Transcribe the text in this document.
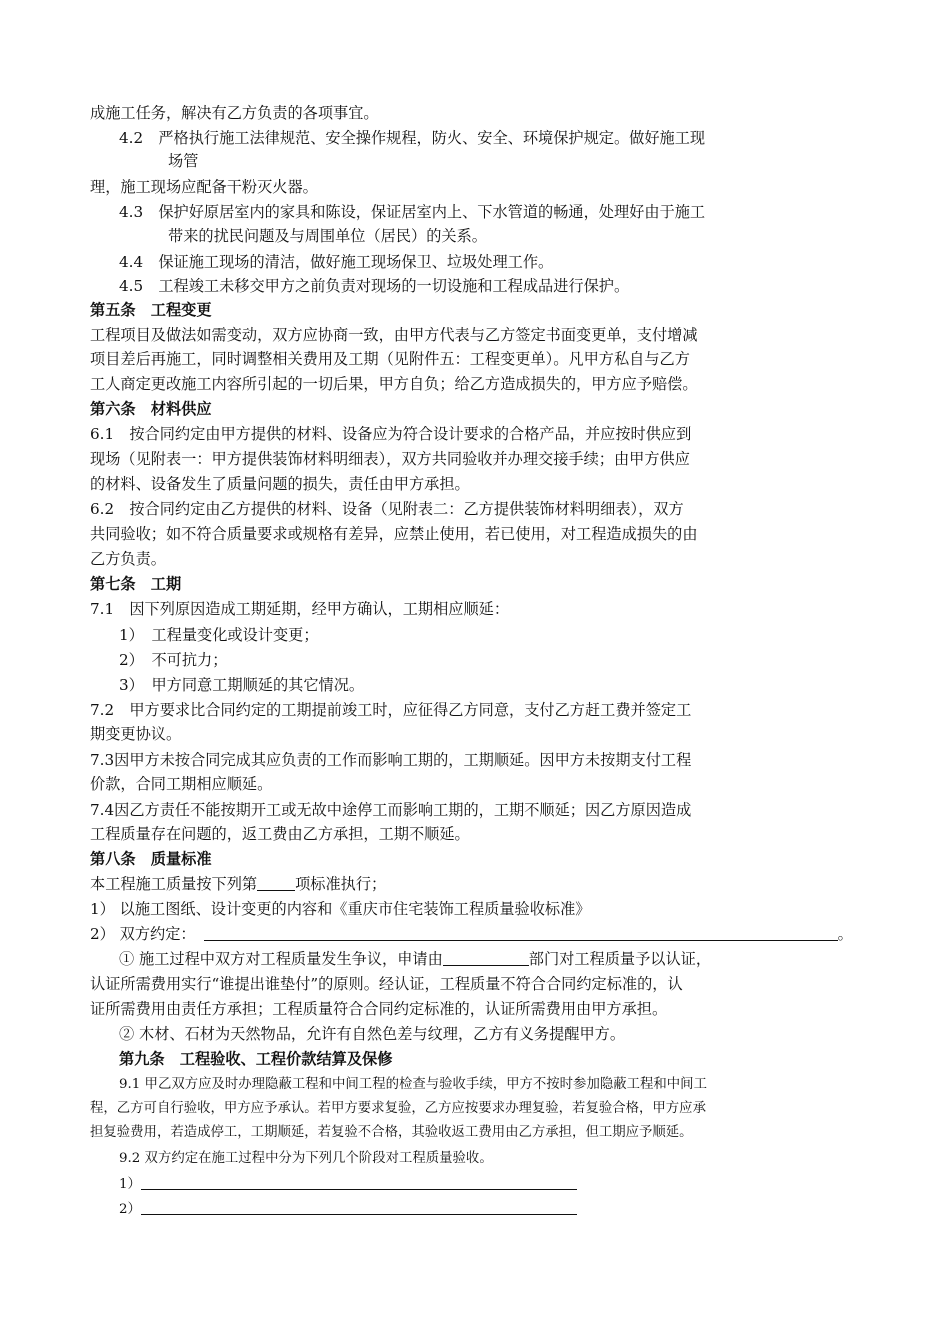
成施工任务，解决有乙方负责的各项事宜。
4.2　严格执行施工法律规范、安全操作规程，防火、安全、环境保护规定。做好施工现
场管
理，施工现场应配备干粉灭火器。
4.3　保护好原居室内的家具和陈设，保证居室内上、下水管道的畅通，处理好由于施工
带来的扰民问题及与周围单位（居民）的关系。
4.4　保证施工现场的清洁，做好施工现场保卫、垃圾处理工作。
4.5　工程竣工未移交甲方之前负责对现场的一切设施和工程成品进行保护。
第五条　工程变更
工程项目及做法如需变动，双方应协商一致，由甲方代表与乙方签定书面变更单，支付增减
项目差后再施工，同时调整相关费用及工期（见附件五：工程变更单）。凡甲方私自与乙方
工人商定更改施工内容所引起的一切后果，甲方自负；给乙方造成损失的，甲方应予赔偿。
第六条　材料供应
6.1　按合同约定由甲方提供的材料、设备应为符合设计要求的合格产品，并应按时供应到
现场（见附表一：甲方提供装饰材料明细表），双方共同验收并办理交接手续；由甲方供应
的材料、设备发生了质量问题的损失，责任由甲方承担。
6.2　按合同约定由乙方提供的材料、设备（见附表二：乙方提供装饰材料明细表），双方
共同验收；如不符合质量要求或规格有差异，应禁止使用，若已使用，对工程造成损失的由
乙方负责。
第七条　工期
7.1　因下列原因造成工期延期，经甲方确认，工期相应顺延：
1）　工程量变化或设计变更；
2）　不可抗力；
3）　甲方同意工期顺延的其它情况。
7.2　甲方要求比合同约定的工期提前竣工时，应征得乙方同意，支付乙方赶工费并签定工
期变更协议。
7.3因甲方未按合同完成其应负责的工作而影响工期的，工期顺延。因甲方未按期支付工程
价款，合同工期相应顺延。
7.4因乙方责任不能按期开工或无故中途停工而影响工期的，工期不顺延；因乙方原因造成
工程质量存在问题的，返工费由乙方承担，工期不顺延。
第八条　质量标准
本工程施工质量按下列第	项标准执行；
1） 以施工图纸、设计变更的内容和《重庆市住宅装饰工程质量验收标准》
2） 双方约定：	。
① 施工过程中双方对工程质量发生争议，申请由	部门对工程质量予以认证，
认证所需费用实行“谁提出谁垫付”的原则。经认证，工程质量不符合合同约定标准的，认
证所需费用由责任方承担；工程质量符合合同约定标准的，认证所需费用由甲方承担。
② 木材、石材为天然物品，允许有自然色差与纹理，乙方有义务提醒甲方。
第九条　工程验收、工程价款结算及保修
9.1 甲乙双方应及时办理隐蔽工程和中间工程的检查与验收手续，甲方不按时参加隐蔽工程和中间工
程，乙方可自行验收，甲方应予承认。若甲方要求复验，乙方应按要求办理复验，若复验合格，甲方应承
担复验费用，若造成停工，工期顺延，若复验不合格，其验收返工费用由乙方承担，但工期应予顺延。
9.2 双方约定在施工过程中分为下列几个阶段对工程质量验收。
1）
2）
